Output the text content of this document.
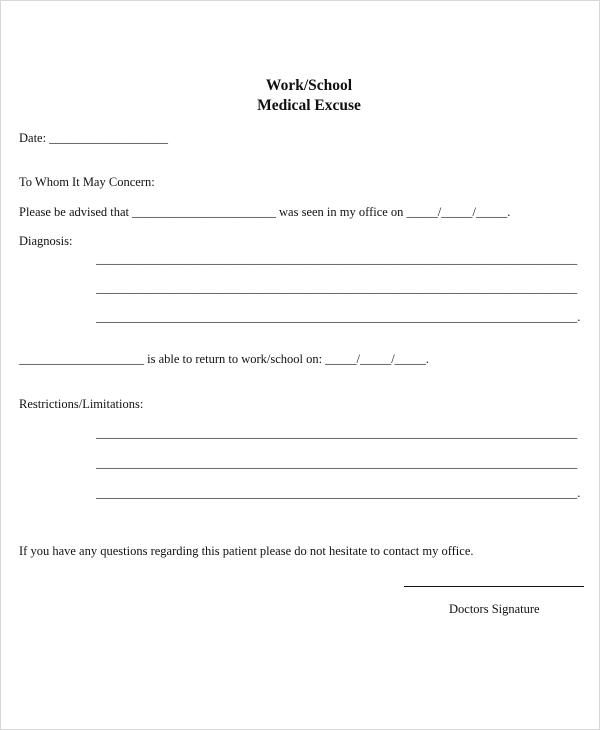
Work/School
Medical Excuse
Date: ___________________
To Whom It May Concern:
Please be advised that _______________________ was seen in my office on _____/_____/_____.
Diagnosis:
_____________________________________________________________________________
_____________________________________________________________________________
_____________________________________________________________________________.
____________________ is able to return to work/school on: _____/_____/_____.
Restrictions/Limitations:
_____________________________________________________________________________
_____________________________________________________________________________
_____________________________________________________________________________.
If you have any questions regarding this patient please do not hesitate to contact my office.
Doctors Signature
